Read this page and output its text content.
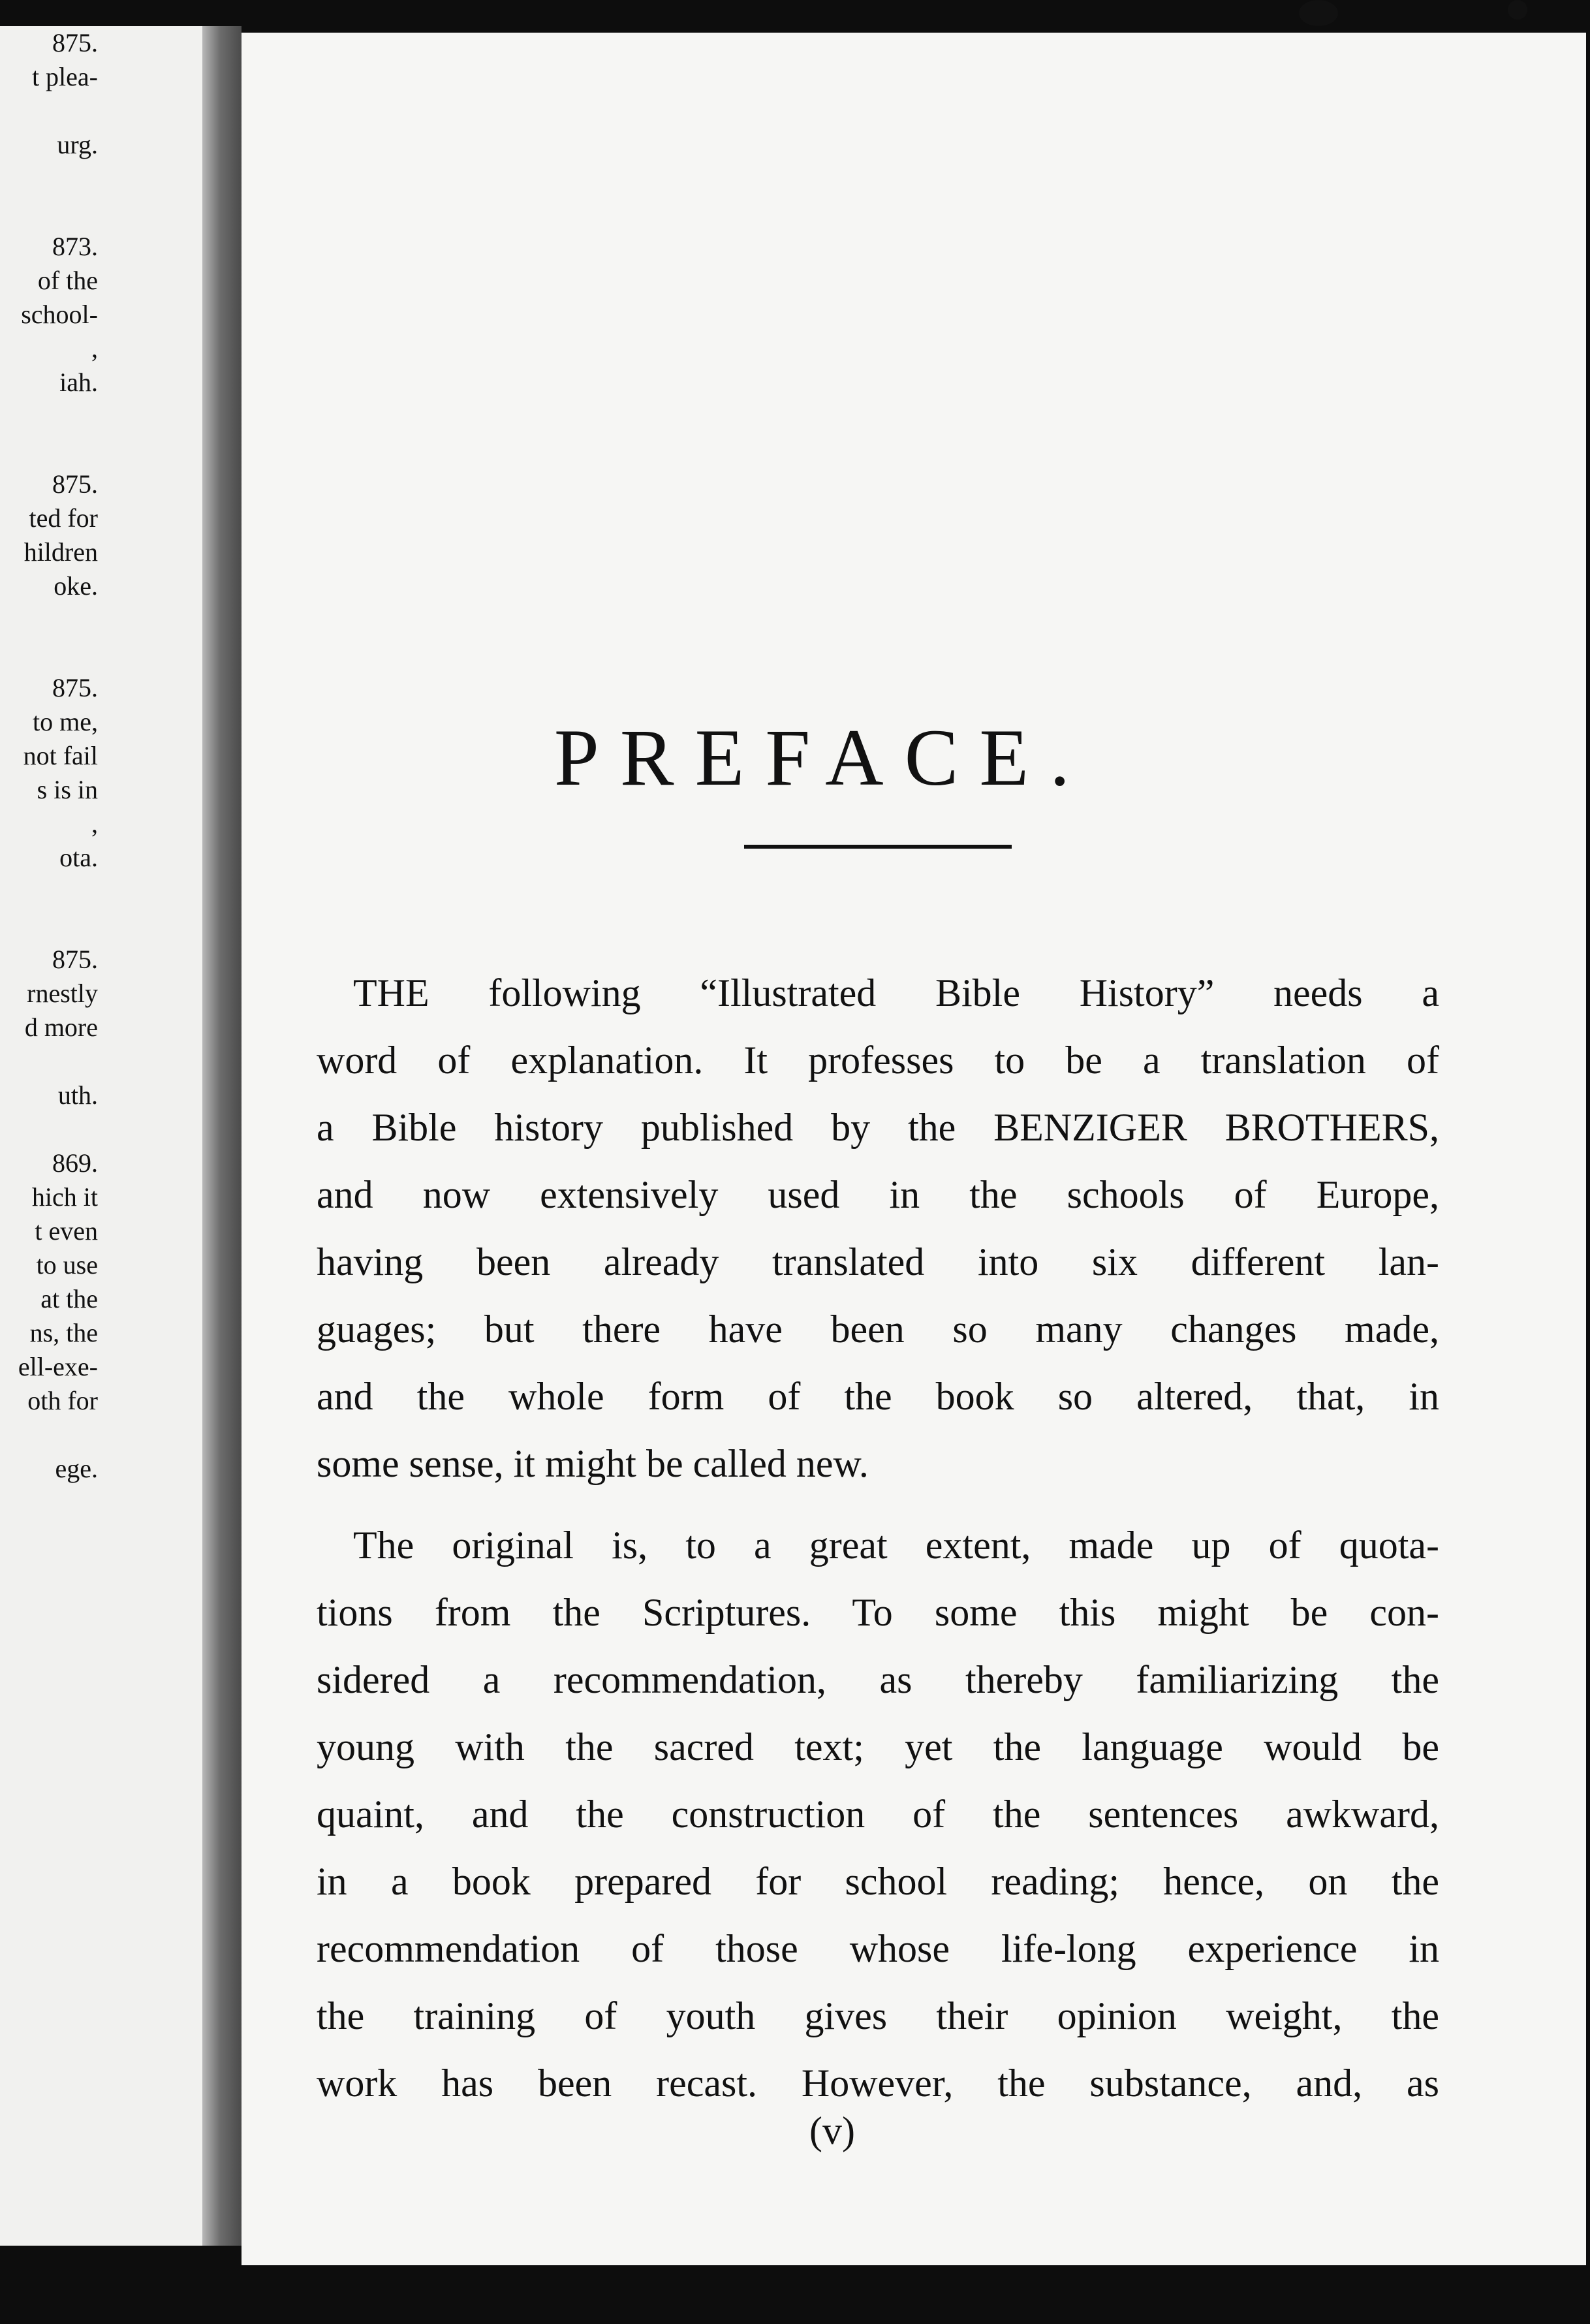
875.
t plea-
urg.
873.
of the
school-
,
iah.
875.
ted for
hildren
oke.
875.
to me,
not fail
s is in
,
ota.
875.
rnestly
d more
uth.
869.
hich it
t even
to use
at the
ns, the
ell-exe-
oth for
ege.
PREFACE.
THE following “Illustrated Bible History” needs a
word of explanation. It professes to be a translation of
a Bible history published by the BENZIGER BROTHERS,
and now extensively used in the schools of Europe,
having been already translated into six different lan-
guages; but there have been so many changes made,
and the whole form of the book so altered, that, in
some sense, it might be called new.
The original is, to a great extent, made up of quota-
tions from the Scriptures. To some this might be con-
sidered a recommendation, as thereby familiarizing the
young with the sacred text; yet the language would be
quaint, and the construction of the sentences awkward,
in a book prepared for school reading; hence, on the
recommendation of those whose life-long experience in
the training of youth gives their opinion weight, the
work has been recast. However, the substance, and, as
(v)
